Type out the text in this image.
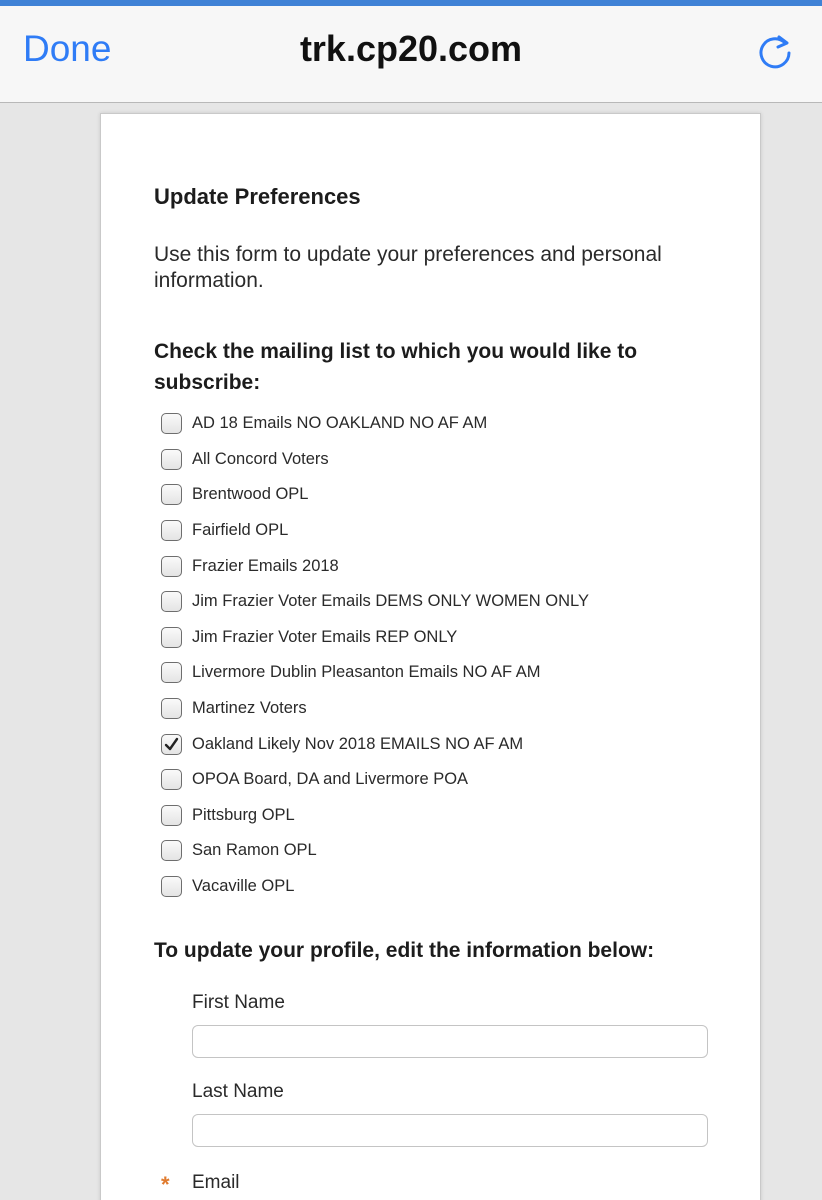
Done	trk.cp20.com
Update Preferences
Use this form to update your preferences and personal information.
Check the mailing list to which you would like to subscribe:
AD 18 Emails NO OAKLAND NO AF AM
All Concord Voters
Brentwood OPL
Fairfield OPL
Frazier Emails 2018
Jim Frazier Voter Emails DEMS ONLY WOMEN ONLY
Jim Frazier Voter Emails REP ONLY
Livermore Dublin Pleasanton Emails NO AF AM
Martinez Voters
Oakland Likely Nov 2018 EMAILS NO AF AM
OPOA Board, DA and Livermore POA
Pittsburg OPL
San Ramon OPL
Vacaville OPL
To update your profile, edit the information below:
First Name
Last Name
* Email
